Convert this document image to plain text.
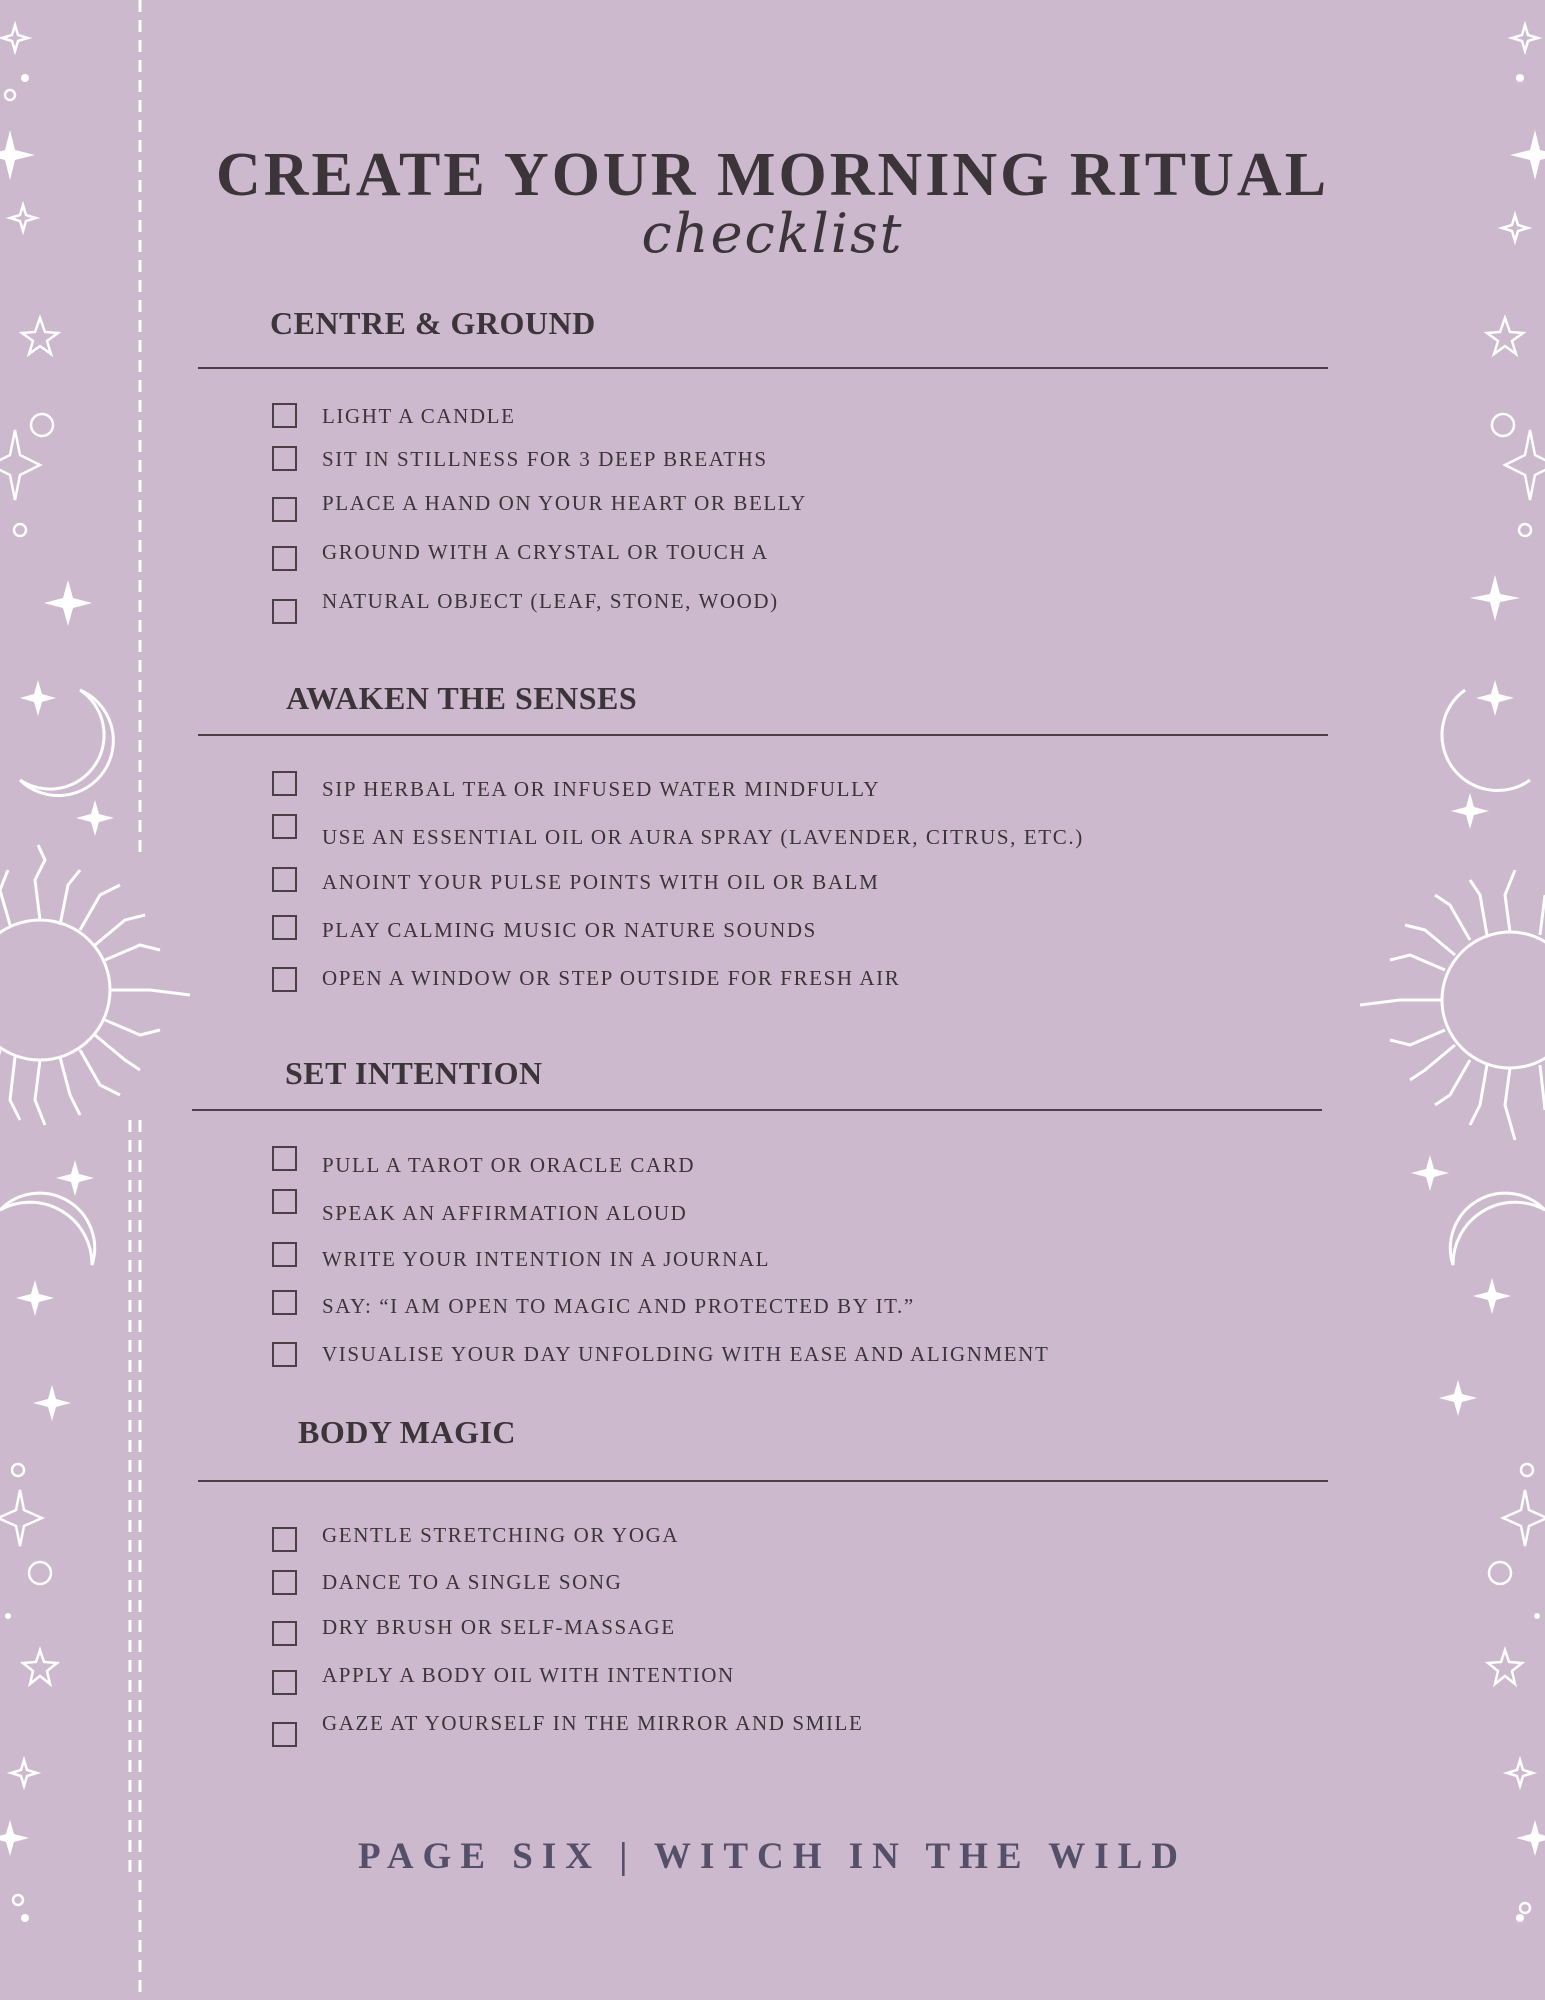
CREATE YOUR MORNING RITUAL
checklist
CENTRE & GROUND
LIGHT A CANDLE
SIT IN STILLNESS FOR 3 DEEP BREATHS
PLACE A HAND ON YOUR HEART OR BELLY
GROUND WITH A CRYSTAL OR TOUCH A
NATURAL OBJECT (LEAF, STONE, WOOD)
AWAKEN THE SENSES
SIP HERBAL TEA OR INFUSED WATER MINDFULLY
USE AN ESSENTIAL OIL OR AURA SPRAY (LAVENDER, CITRUS, ETC.)
ANOINT YOUR PULSE POINTS WITH OIL OR BALM
PLAY CALMING MUSIC OR NATURE SOUNDS
OPEN A WINDOW OR STEP OUTSIDE FOR FRESH AIR
SET INTENTION
PULL A TAROT OR ORACLE CARD
SPEAK AN AFFIRMATION ALOUD
WRITE YOUR INTENTION IN A JOURNAL
SAY: “I AM OPEN TO MAGIC AND PROTECTED BY IT.”
VISUALISE YOUR DAY UNFOLDING WITH EASE AND ALIGNMENT
BODY MAGIC
GENTLE STRETCHING OR YOGA
DANCE TO A SINGLE SONG
DRY BRUSH OR SELF-MASSAGE
APPLY A BODY OIL WITH INTENTION
GAZE AT YOURSELF IN THE MIRROR AND SMILE
PAGE SIX | WITCH IN THE WILD
